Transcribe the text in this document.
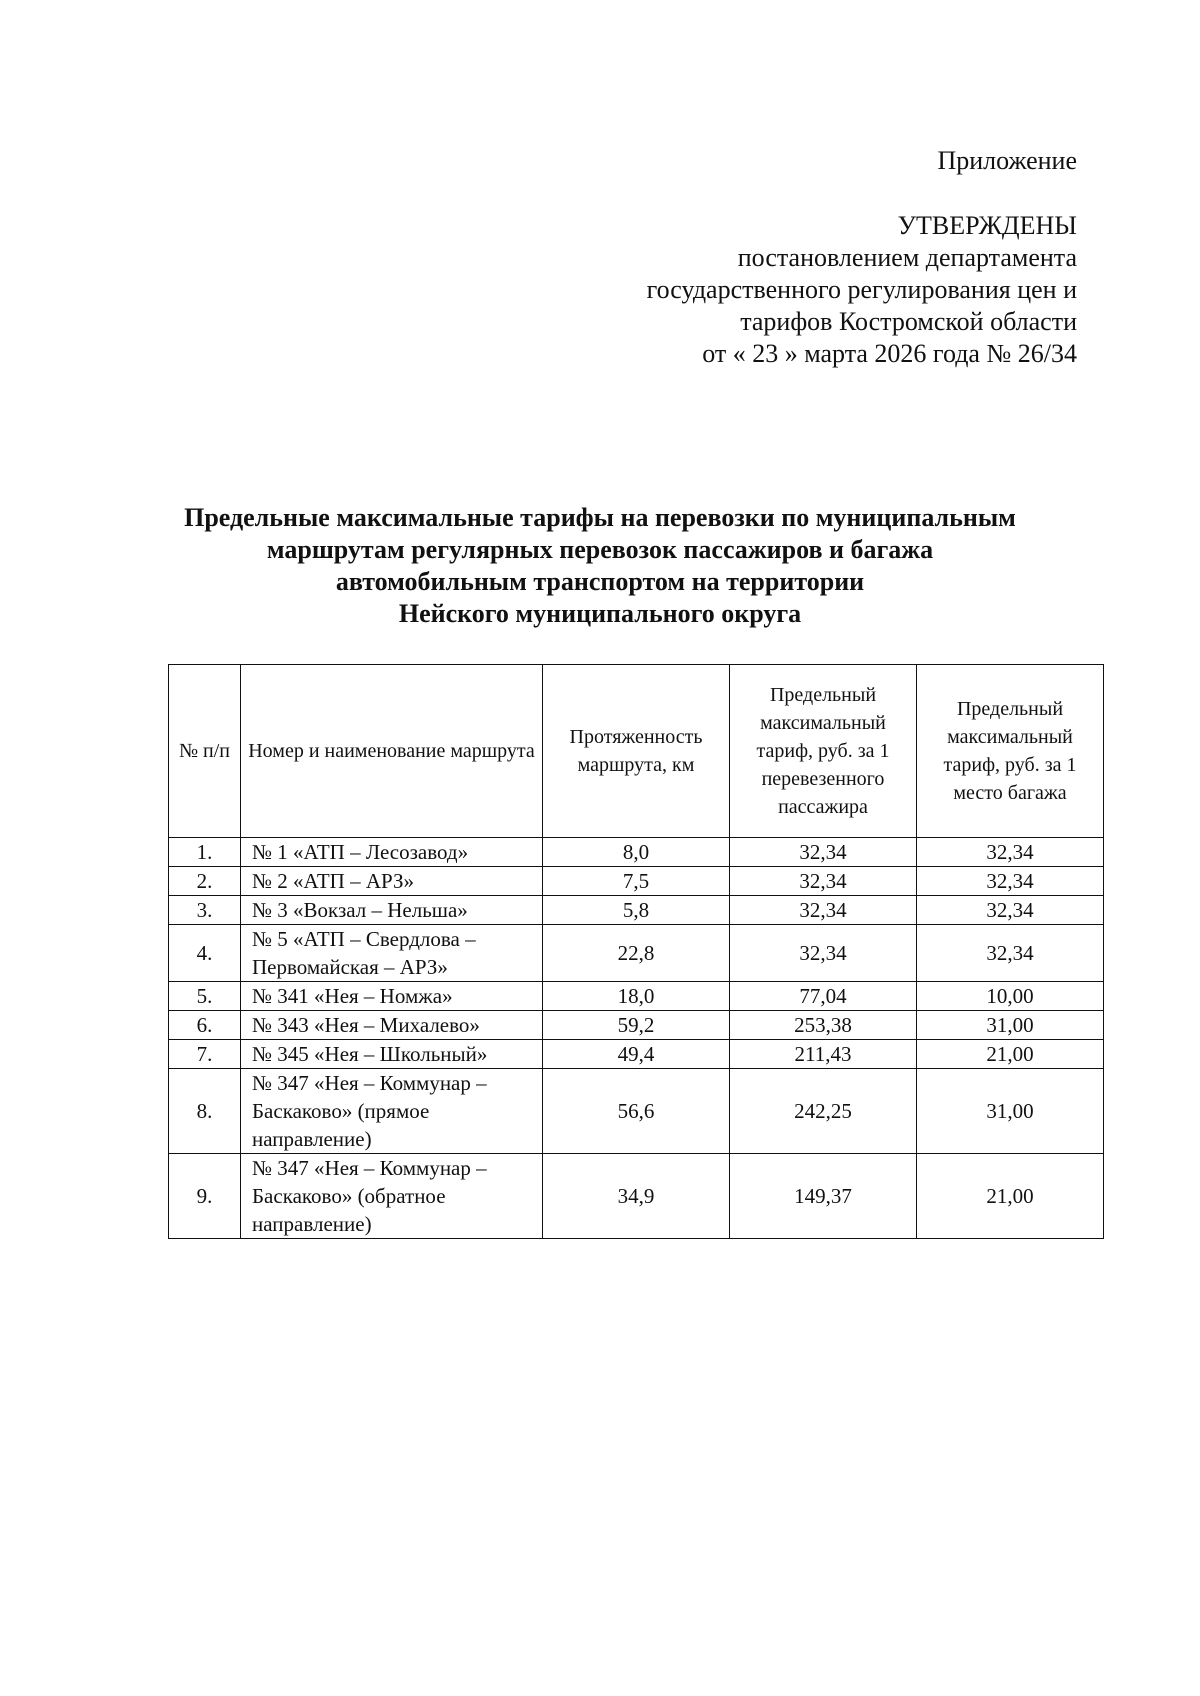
Приложение
УТВЕРЖДЕНЫ
постановлением департамента
государственного регулирования цен и
тарифов Костромской области
от « 23 » марта 2026 года № 26/34
Предельные максимальные тарифы на перевозки по муниципальным
маршрутам регулярных перевозок пассажиров и багажа
автомобильным транспортом на территории
Нейского муниципального округа
№ п/п	Номер и наименование маршрута	Протяженность маршрута, км	Предельный максимальный тариф, руб. за 1 перевезенного пассажира	Предельный максимальный тариф, руб. за 1 место багажа
1.	№ 1 «АТП – Лесозавод»	8,0	32,34	32,34
2.	№ 2 «АТП – АРЗ»	7,5	32,34	32,34
3.	№ 3 «Вокзал – Нельша»	5,8	32,34	32,34
4.	№ 5 «АТП – Свердлова – Первомайская – АРЗ»	22,8	32,34	32,34
5.	№ 341 «Нея – Номжа»	18,0	77,04	10,00
6.	№ 343 «Нея – Михалево»	59,2	253,38	31,00
7.	№ 345 «Нея – Школьный»	49,4	211,43	21,00
8.	№ 347 «Нея – Коммунар – Баскаково» (прямое направление)	56,6	242,25	31,00
9.	№ 347 «Нея – Коммунар – Баскаково» (обратное направление)	34,9	149,37	21,00
